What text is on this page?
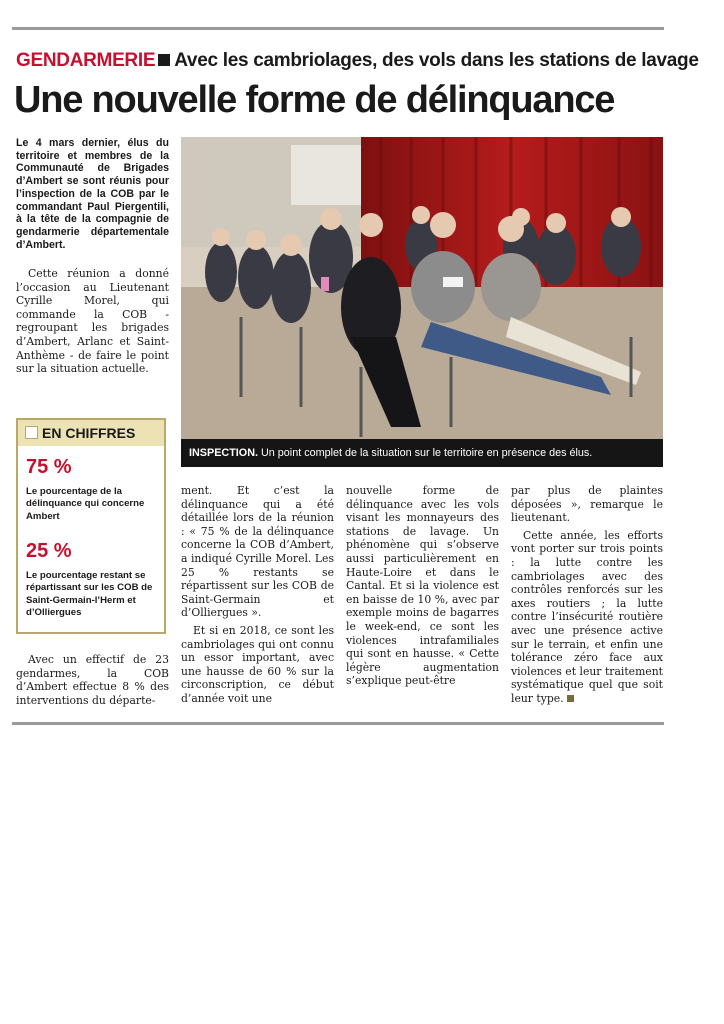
GENDARMERIE Avec les cambriolages, des vols dans les stations de lavage
Une nouvelle forme de délinquance
Le 4 mars dernier, élus du territoire et membres de la Communauté de Brigades d’Ambert se sont réunis pour l’inspection de la COB par le commandant Paul Piergentili, à la tête de la compagnie de gendarmerie départementale d’Ambert.

Cette réunion a donné l’occasion au Lieutenant Cyrille Morel, qui commande la COB - regroupant les brigades d’Ambert, Arlanc et Saint-Anthème - de faire le point sur la situation actuelle.

INSPECTION. Un point complet de la situation sur le territoire en présence des élus.
EN CHIFFRES
75 %
Le pourcentage de la délinquance qui concerne Ambert
25 %
Le pourcentage restant se répartissant sur les COB de Saint-Germain-l’Herm et d’Olliergues

Avec un effectif de 23 gendarmes, la COB d’Ambert effectue 8 % des interventions du départe-

ment. Et c’est la délinquance qui a été détaillée lors de la réunion : « 75 % de la délinquance concerne la COB d’Ambert, a indiqué Cyrille Morel. Les 25 % restants se répartissent sur les COB de Saint-Germain et d’Olliergues ».

Et si en 2018, ce sont les cambriolages qui ont connu un essor important, avec une hausse de 60 % sur la circonscription, ce début d’année voit une

nouvelle forme de délinquance avec les vols visant les monnayeurs des stations de lavage. Un phénomène qui s’observe aussi particulièrement en Haute-Loire et dans le Cantal. Et si la violence est en baisse de 10 %, avec par exemple moins de bagarres le week-end, ce sont les violences intrafamiliales qui sont en hausse. « Cette légère augmentation s’explique peut-être

par plus de plaintes déposées », remarque le lieutenant.

Cette année, les efforts vont porter sur trois points : la lutte contre les cambriolages avec des contrôles renforcés sur les axes routiers ; la lutte contre l’insécurité routière avec une présence active sur le terrain, et enfin une tolérance zéro face aux violences et leur traitement systématique quel que soit leur type.
